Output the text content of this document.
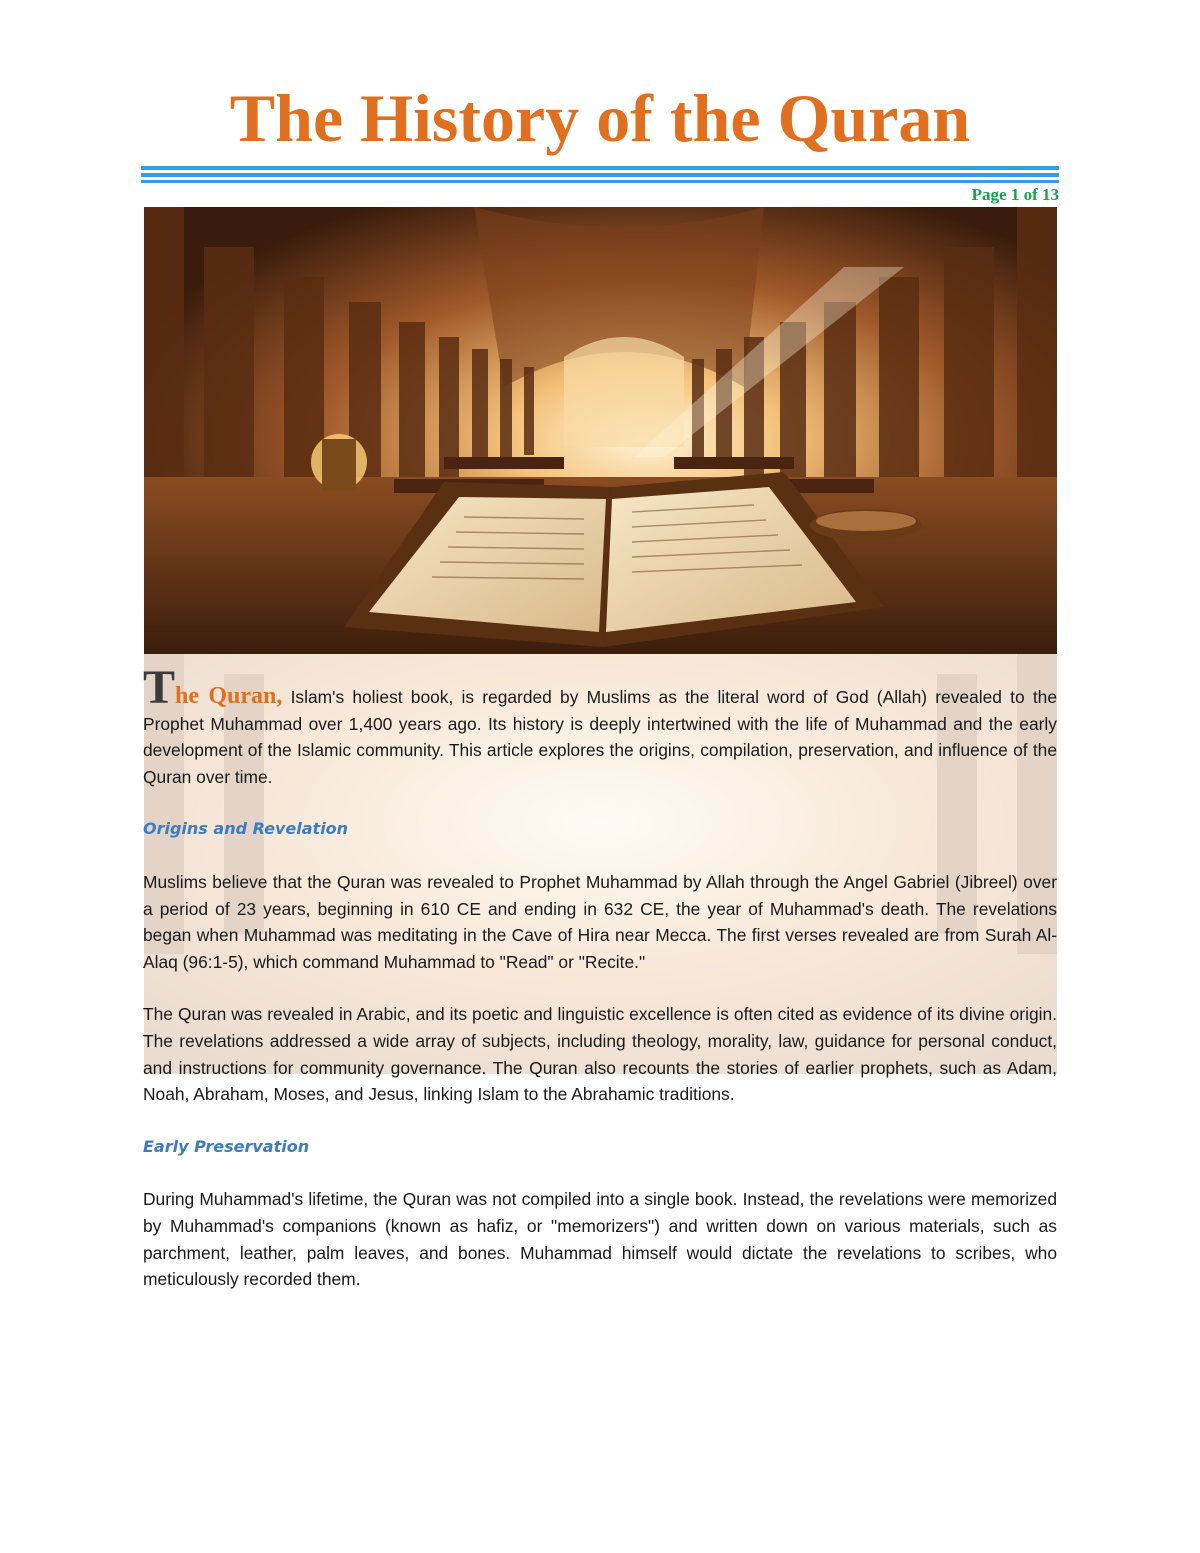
The History of the Quran
Page 1 of 13

The Quran, Islam's holiest book, is regarded by Muslims as the literal word of God (Allah) revealed to the Prophet Muhammad over 1,400 years ago. Its history is deeply intertwined with the life of Muhammad and the early development of the Islamic community. This article explores the origins, compilation, preservation, and influence of the Quran over time.

Origins and Revelation

Muslims believe that the Quran was revealed to Prophet Muhammad by Allah through the Angel Gabriel (Jibreel) over a period of 23 years, beginning in 610 CE and ending in 632 CE, the year of Muhammad's death. The revelations began when Muhammad was meditating in the Cave of Hira near Mecca. The first verses revealed are from Surah Al-Alaq (96:1-5), which command Muhammad to "Read" or "Recite."

The Quran was revealed in Arabic, and its poetic and linguistic excellence is often cited as evidence of its divine origin. The revelations addressed a wide array of subjects, including theology, morality, law, guidance for personal conduct, and instructions for community governance. The Quran also recounts the stories of earlier prophets, such as Adam, Noah, Abraham, Moses, and Jesus, linking Islam to the Abrahamic traditions.

Early Preservation

During Muhammad's lifetime, the Quran was not compiled into a single book. Instead, the revelations were memorized by Muhammad's companions (known as hafiz, or "memorizers") and written down on various materials, such as parchment, leather, palm leaves, and bones. Muhammad himself would dictate the revelations to scribes, who meticulously recorded them.
